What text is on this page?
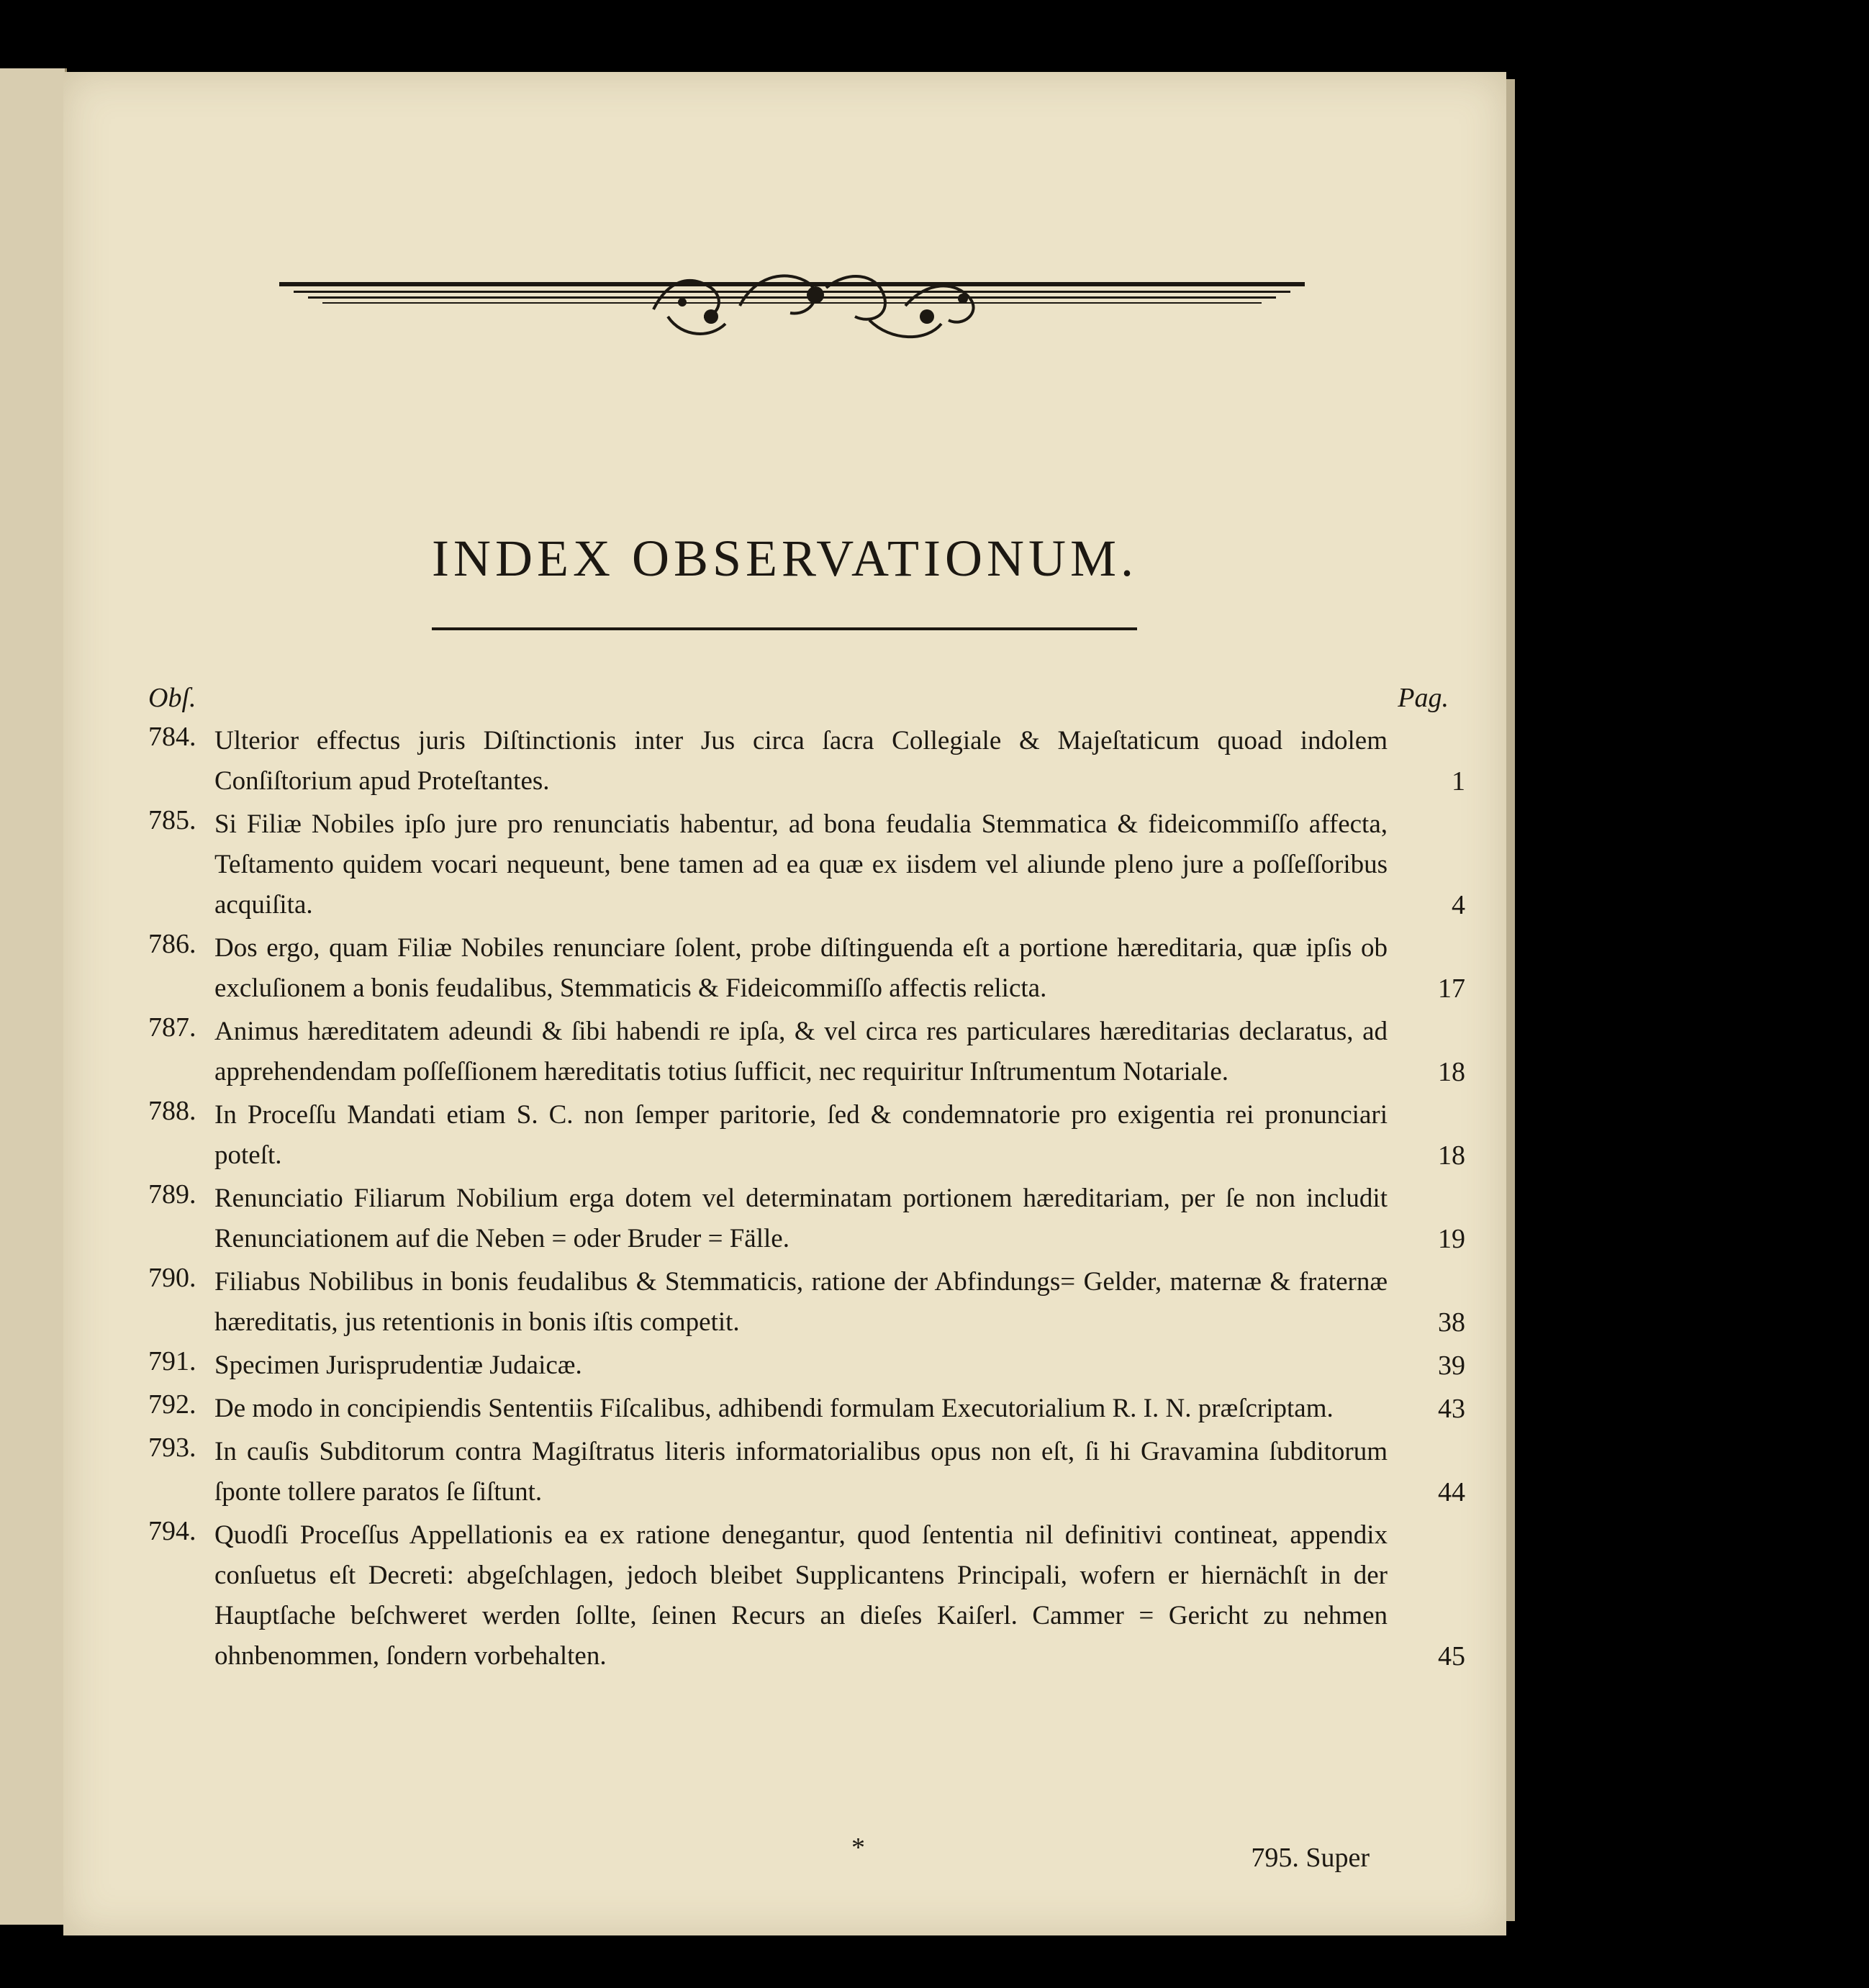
INDEX OBSERVATIONUM.
Obſ.	Pag.
784. Ulterior effectus juris Diſtinctionis inter Jus circa ſacra Collegiale & Majeſtaticum quoad indolem Conſiſtorium apud Proteſtantes.	1
785. Si Filiæ Nobiles ipſo jure pro renunciatis habentur, ad bona feudalia Stemmatica & fideicommiſſo affecta, Teſtamento quidem vocari nequeunt, bene tamen ad ea quæ ex iisdem vel aliunde pleno jure a poſſeſſoribus acquiſita.	4
786. Dos ergo, quam Filiæ Nobiles renunciare ſolent, probe diſtinguenda eſt a portione hæreditaria, quæ ipſis ob excluſionem a bonis feudalibus, Stemmaticis & Fideicommiſſo affectis relicta.	17
787. Animus hæreditatem adeundi & ſibi habendi re ipſa, & vel circa res particulares hæreditarias declaratus, ad apprehendendam poſſeſſionem hæreditatis totius ſufficit, nec requiritur Inſtrumentum Notariale.	18
788. In Proceſſu Mandati etiam S. C. non ſemper paritorie, ſed & condemnatorie pro exigentia rei pronunciari poteſt.	18
789. Renunciatio Filiarum Nobilium erga dotem vel determinatam portionem hæreditariam, per ſe non includit Renunciationem auf die Neben = oder Bruder = Fälle.	19
790. Filiabus Nobilibus in bonis feudalibus & Stemmaticis, ratione der Abfindungs= Gelder, maternæ & fraternæ hæreditatis, jus retentionis in bonis iſtis competit.	38
791. Specimen Jurisprudentiæ Judaicæ.	39
792. De modo in concipiendis Sententiis Fiſcalibus, adhibendi formulam Executorialium R. I. N. præſcriptam.	43
793. In cauſis Subditorum contra Magiſtratus literis informatorialibus opus non eſt, ſi hi Gravamina ſubditorum ſponte tollere paratos ſe ſiſtunt.	44
794. Quodſi Proceſſus Appellationis ea ex ratione denegantur, quod ſententia nil definitivi contineat, appendix conſuetus eſt Decreti: abgeſchlagen, jedoch bleibet Supplicantens Principali, wofern er hiernächſt in der Hauptſache beſchweret werden ſollte, ſeinen Recurs an dieſes Kaiſerl. Cammer = Gericht zu nehmen ohnbenommen, ſondern vorbehalten.	45
*	795. Super
